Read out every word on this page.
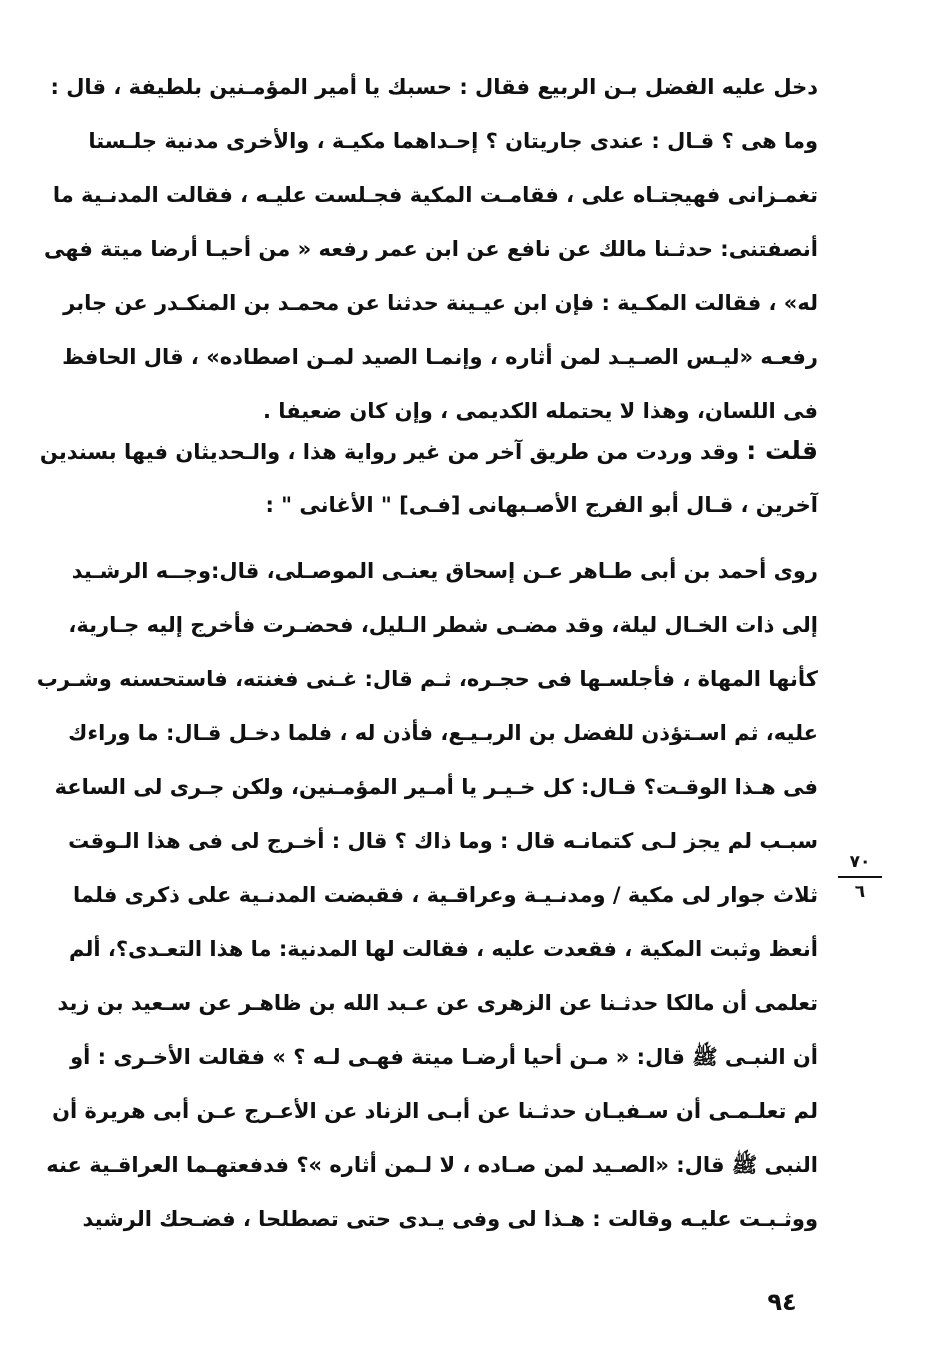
دخل عليه الفضل بـن الربيع فقال : حسبك يا أمير المؤمـنين بلطيفة ، قال :
وما هى ؟ قـال : عندى جاريتان ؟ إحـداهما مكيـة ، والأخرى مدنية جلـستا
تغمـزانى فهيجتـاه على ، فقامـت المكية فجـلست عليـه ، فقالت المدنـية ما
أنصفتنى: حدثـنا مالك عن نافع عن ابن عمر رفعه « من أحيـا أرضا ميتة فهى
له» ، فقالت المكـية : فإن ابن عيـينة حدثنا عن محمـد بن المنكـدر عن جابر
رفعـه «ليـس الصـيـد لمن أثاره ، وإنمـا الصيد لمـن اصطاده» ، قال الحافظ
فى اللسان، وهذا لا يحتمله الكديمى ، وإن كان ضعيفا .
قلت : وقد وردت من طريق آخر من غير رواية هذا ، والـحديثان فيها بسندين
آخرين ، قـال أبو الفرج الأصـبهانى [فـى] " الأغانى " :
روى أحمد بن أبى طـاهر عـن إسحاق يعنـى الموصـلى، قال:وجــه الرشـيد
إلى ذات الخـال ليلة، وقد مضـى شطر الـليل، فحضـرت فأخرج إليه جـارية،
كأنها المهاة ، فأجلسـها فى حجـره، ثـم قال: غـنى فغنته، فاستحسنه وشـرب
عليه، ثم اسـتؤذن للفضل بن الربـيـع، فأذن له ، فلما دخـل قـال: ما وراءك
فى هـذا الوقـت؟ قـال: كل خـيـر يا أمـير المؤمـنين، ولكن جـرى لى الساعة
سبـب لم يجز لـى كتمانـه قال : وما ذاك ؟ قال : أخـرج لى فى هذا الـوقت
ثلاث جوار لى مكية / ومدنـيـة وعراقـية ، فقبضت المدنـية على ذكرى فلما
أنعظ وثبت المكية ، فقعدت عليه ، فقالت لها المدنية: ما هذا التعـدى؟، ألم
تعلمى أن مالكا حدثـنا عن الزهرى عن عـبد الله بن ظاهـر عن سـعيد بن زيد
أن النبـى ﷺ قال: « مـن أحيا أرضـا ميتة فهـى لـه ؟ » فقالت الأخـرى : أو
لم تعلـمـى أن سـفيـان حدثـنا عن أبـى الزناد عن الأعـرج عـن أبى هريرة أن
النبى ﷺ قال: «الصـيد لمن صـاده ، لا لـمن أثاره »؟ فدفعتهـما العراقـية عنه
ووثـبـت عليـه وقالت : هـذا لى وفى يـدى حتى تصطلحا ، فضـحك الرشيد
٧٠
٦
٩٤
